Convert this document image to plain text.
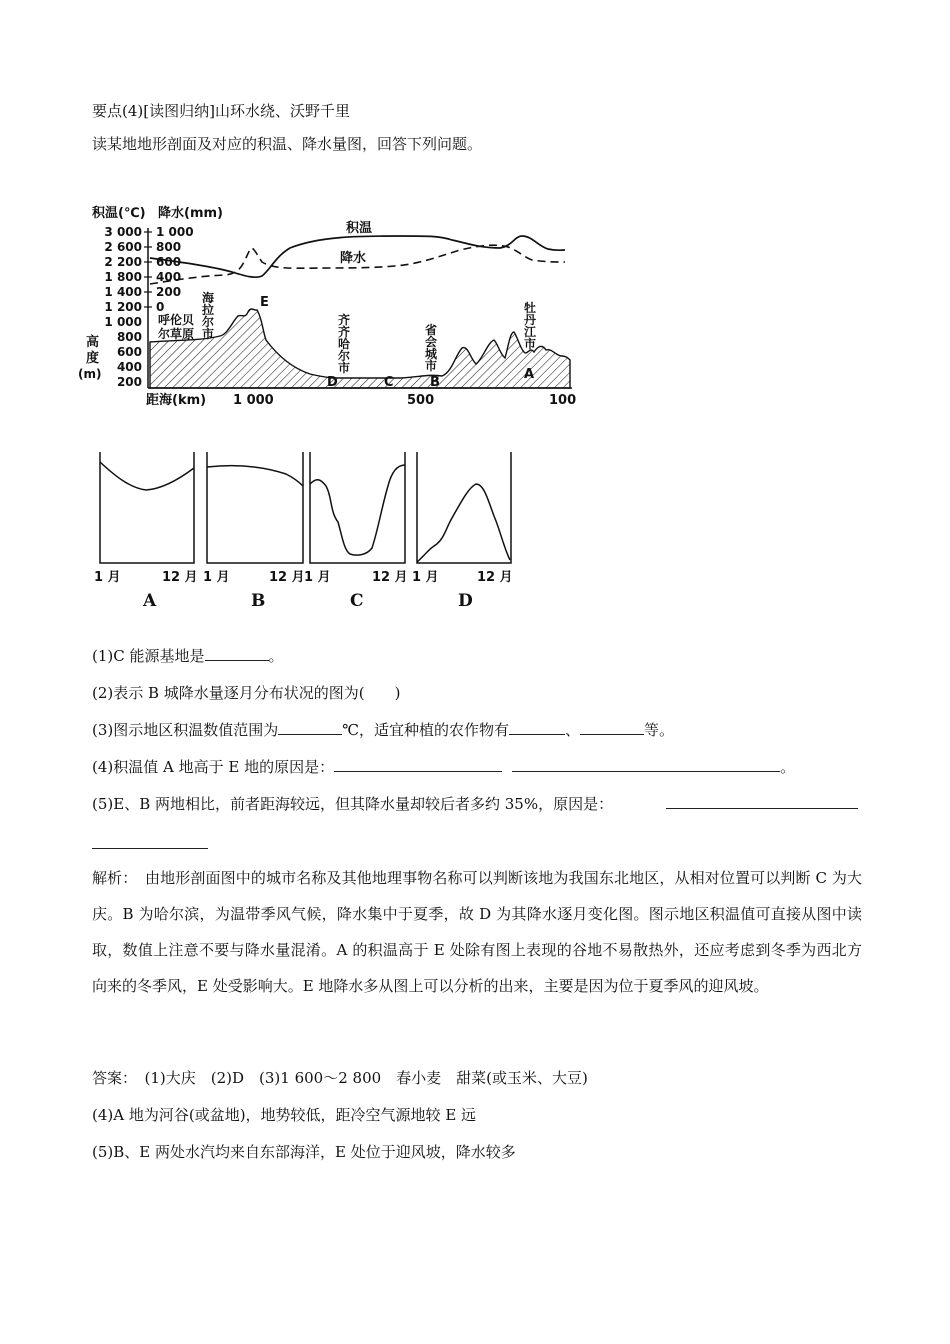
要点(4)[读图归纳]山环水绕、沃野千里
读某地地形剖面及对应的积温、降水量图，回答下列问题。
积温(℃) 降水(mm)
3 000
2 600
2 200
1 800
1 400
1 200
1 000
800
600
400
200
1 000
800
600
400
200
0
高
度
(m)
积温
降水
呼伦贝
尔草原
海
拉
尔
市
齐
齐
哈
尔
市
省
会
城
市
牡
丹
江
市
E
D	C	B
A
距海(km) 1 000	500	100
1 月	12 月
A
1 月	12 月
B
1 月	12 月
C
1 月	12 月
D
(1)C 能源基地是	。
(2)表示 B 城降水量逐月分布状况的图为(　　)
(3)图示地区积温数值范围为	℃，适宜种植的农作物有	、	等。
(4)积温值 A 地高于 E 地的原因是：	。
(5)E、B 两地相比，前者距海较远，但其降水量却较后者多约 35%，原因是：
解析：　由地形剖面图中的城市名称及其他地理事物名称可以判断该地为我国东北地区，从相对位置可以判断 C 为大庆。B 为哈尔滨，为温带季风气候，降水集中于夏季，故 D 为其降水逐月变化图。图示地区积温值可直接从图中读取，数值上注意不要与降水量混淆。A 的积温高于 E 处除有图上表现的谷地不易散热外，还应考虑到冬季为西北方向来的冬季风，E 处受影响大。E 地降水多从图上可以分析的出来，主要是因为位于夏季风的迎风坡。
答案：　(1)大庆　(2)D　(3)1 600～2 800　春小麦　甜菜(或玉米、大豆)
(4)A 地为河谷(或盆地)，地势较低，距冷空气源地较 E 远
(5)B、E 两处水汽均来自东部海洋，E 处位于迎风坡，降水较多
